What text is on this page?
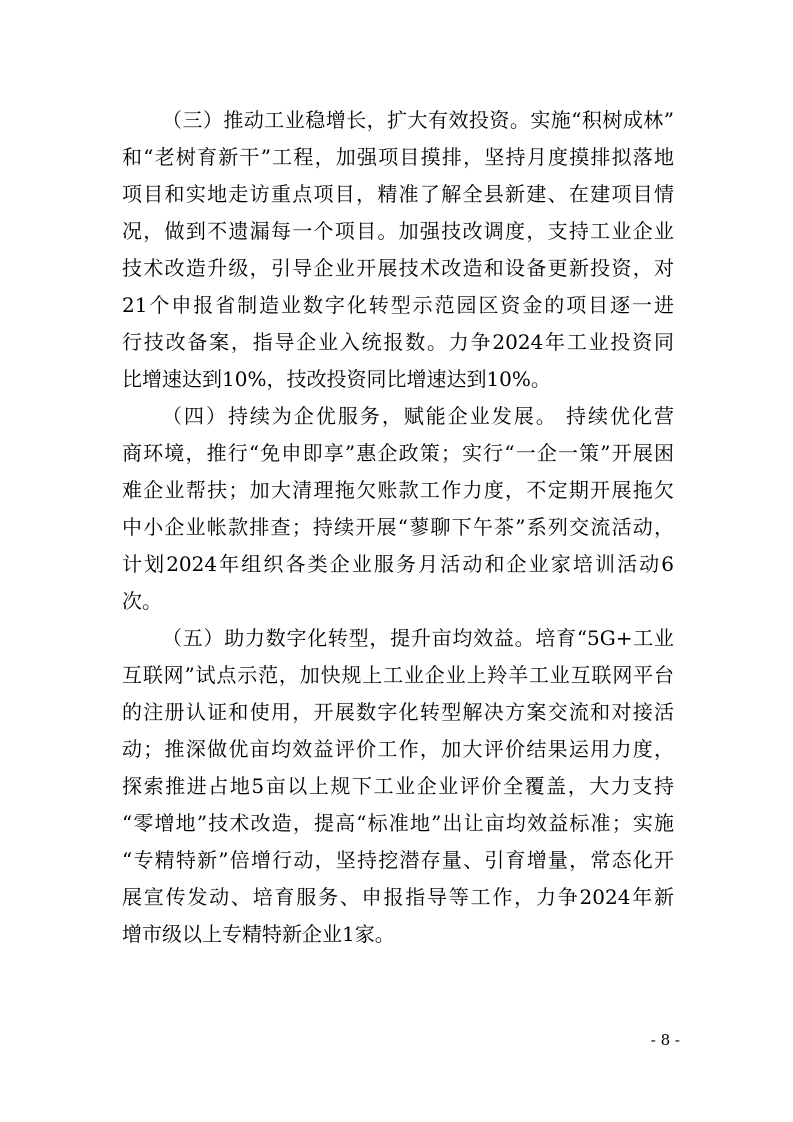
（三）推动工业稳增长，扩大有效投资。实施“积树成林”
和“老树育新干”工程，加强项目摸排，坚持月度摸排拟落地
项目和实地走访重点项目，精准了解全县新建、在建项目情
况，做到不遗漏每一个项目。加强技改调度，支持工业企业
技术改造升级，引导企业开展技术改造和设备更新投资，对
21个申报省制造业数字化转型示范园区资金的项目逐一进
行技改备案，指导企业入统报数。力争2024年工业投资同
比增速达到10%，技改投资同比增速达到10%。
（四）持续为企优服务，赋能企业发展。 持续优化营
商环境，推行“免申即享”惠企政策；实行“一企一策”开展困
难企业帮扶；加大清理拖欠账款工作力度，不定期开展拖欠
中小企业帐款排查；持续开展“蓼聊下午茶”系列交流活动，
计划2024年组织各类企业服务月活动和企业家培训活动6
次。
（五）助力数字化转型，提升亩均效益。培育“5G+工业
互联网”试点示范，加快规上工业企业上羚羊工业互联网平台
的注册认证和使用，开展数字化转型解决方案交流和对接活
动；推深做优亩均效益评价工作，加大评价结果运用力度，
探索推进占地5亩以上规下工业企业评价全覆盖，大力支持
“零增地”技术改造，提高“标准地”出让亩均效益标准；实施
“专精特新”倍增行动，坚持挖潜存量、引育增量，常态化开
展宣传发动、培育服务、申报指导等工作，力争2024年新
增市级以上专精特新企业1家。
- 8 -
